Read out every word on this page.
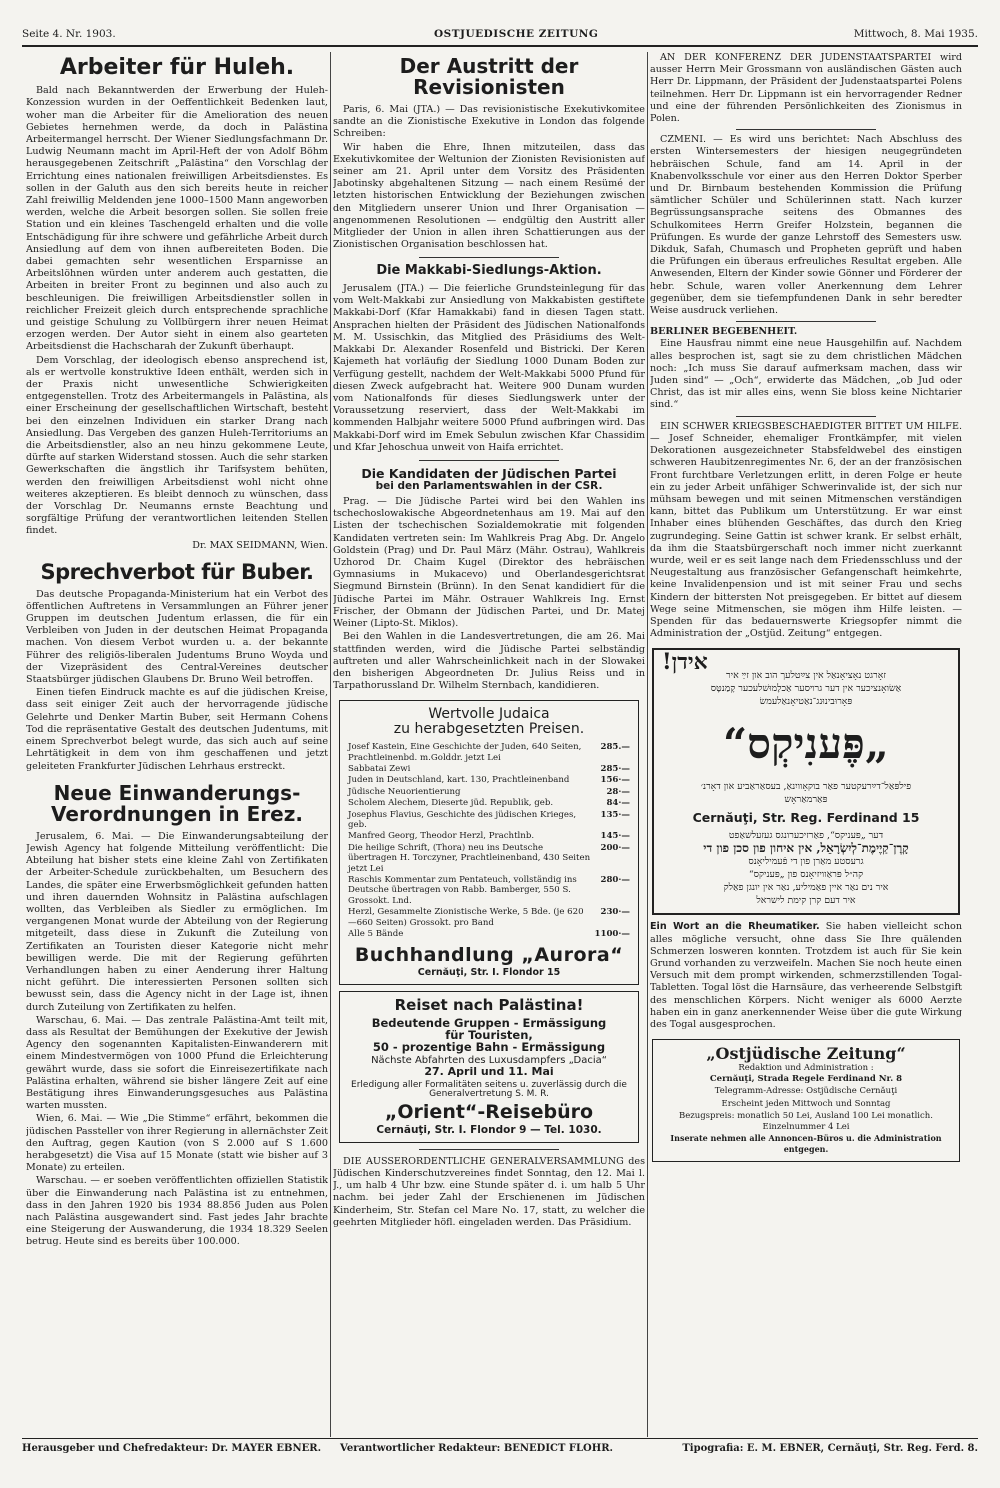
Seite 4. Nr. 1903.	OSTJUEDISCHE ZEITUNG	Mittwoch, 8. Mai 1935.
Arbeiter für Huleh.

Bald nach Bekanntwerden der Erwerbung der Huleh-Konzession wurden in der Oeffentlichkeit Bedenken laut, woher man die Arbeiter für die Amelioration des neuen Gebietes hernehmen werde, da doch in Palästina Arbeitermangel herrscht. Der Wiener Siedlungsfachmann Dr. Ludwig Neumann macht im April-Heft der von Adolf Böhm herausgegebenen Zeitschrift „Palästina“ den Vorschlag der Errichtung eines nationalen freiwilligen Arbeitsdienstes. Es sollen in der Galuth aus den sich bereits heute in reicher Zahl freiwillig Meldenden jene 1000–1500 Mann angeworben werden, welche die Arbeit besorgen sollen. Sie sollen freie Station und ein kleines Taschengeld erhalten und die volle Entschädigung für ihre schwere und gefährliche Arbeit durch Ansiedlung auf dem von ihnen aufbereiteten Boden. Die dabei gemachten sehr wesentlichen Ersparnisse an Arbeitslöhnen würden unter anderem auch gestatten, die Arbeiten in breiter Front zu beginnen und also auch zu beschleunigen. Die freiwilligen Arbeitsdienstler sollen in reichlicher Freizeit gleich durch entsprechende sprachliche und geistige Schulung zu Vollbürgern ihrer neuen Heimat erzogen werden. Der Autor sieht in einem also gearteten Arbeitsdienst die Hachscharah der Zukunft überhaupt.

Dem Vorschlag, der ideologisch ebenso ansprechend ist, als er wertvolle konstruktive Ideen enthält, werden sich in der Praxis nicht unwesentliche Schwierigkeiten entgegenstellen. Trotz des Arbeitermangels in Palästina, als einer Erscheinung der gesellschaftlichen Wirtschaft, besteht bei den einzelnen Individuen ein starker Drang nach Ansiedlung. Das Vergeben des ganzen Huleh-Territoriums an die Arbeitsdienstler, also an neu hinzu gekommene Leute, dürfte auf starken Widerstand stossen. Auch die sehr starken Gewerkschaften die ängstlich ihr Tarifsystem behüten, werden den freiwilligen Arbeitsdienst wohl nicht ohne weiteres akzeptieren. Es bleibt dennoch zu wünschen, dass der Vorschlag Dr. Neumanns ernste Beachtung und sorgfältige Prüfung der verantwortlichen leitenden Stellen findet.

Dr. MAX SEIDMANN, Wien.
Sprechverbot für Buber.

Das deutsche Propaganda-Ministerium hat ein Verbot des öffentlichen Auftretens in Versammlungen an Führer jener Gruppen im deutschen Judentum erlassen, die für ein Verbleiben von Juden in der deutschen Heimat Propaganda machen. Von diesem Verbot wurden u. a. der bekannte Führer des religiös-liberalen Judentums Bruno Woyda und der Vizepräsident des Central-Vereines deutscher Staatsbürger jüdischen Glaubens Dr. Bruno Weil betroffen.

Einen tiefen Eindruck machte es auf die jüdischen Kreise, dass seit einiger Zeit auch der hervorragende jüdische Gelehrte und Denker Martin Buber, seit Hermann Cohens Tod die repräsentative Gestalt des deutschen Judentums, mit einem Sprechverbot belegt wurde, das sich auch auf seine Lehrtätigkeit in dem von ihm geschaffenen und jetzt geleiteten Frankfurter Jüdischen Lehrhaus erstreckt.

Neue Einwanderungs-Verordnungen in Erez.

Jerusalem, 6. Mai. — Die Einwanderungsabteilung der Jewish Agency hat folgende Mitteilung veröffentlicht: Die Abteilung hat bisher stets eine kleine Zahl von Zertifikaten der Arbeiter-Schedule zurückbehalten, um Besuchern des Landes, die später eine Erwerbsmöglichkeit gefunden hatten und ihren dauernden Wohnsitz in Palästina aufschlagen wollten, das Verbleiben als Siedler zu ermöglichen. Im vergangenen Monat wurde der Abteilung von der Regierung mitgeteilt, dass diese in Zukunft die Zuteilung von Zertifikaten an Touristen dieser Kategorie nicht mehr bewilligen werde. Die mit der Regierung geführten Verhandlungen haben zu einer Aenderung ihrer Haltung nicht geführt. Die interessierten Personen sollten sich bewusst sein, dass die Agency nicht in der Lage ist, ihnen durch Zuteilung von Zertifikaten zu helfen.

Warschau, 6. Mai. — Das zentrale Palästina-Amt teilt mit, dass als Resultat der Bemühungen der Exekutive der Jewish Agency den sogenannten Kapitalisten-Einwanderern mit einem Mindestvermögen von 1000 Pfund die Erleichterung gewährt wurde, dass sie sofort die Einreisezertifikate nach Palästina erhalten, während sie bisher längere Zeit auf eine Bestätigung ihres Einwanderungsgesuches aus Palästina warten mussten.

Wien, 6. Mai. — Wie „Die Stimme“ erfährt, bekommen die jüdischen Passteller von ihrer Regierung in allernächster Zeit den Auftrag, gegen Kaution (von S 2.000 auf S 1.600 herabgesetzt) die Visa auf 15 Monate (statt wie bisher auf 3 Monate) zu erteilen.

Warschau. — er soeben veröffentlichten offiziellen Statistik über die Einwanderung nach Palästina ist zu entnehmen, dass in den Jahren 1920 bis 1934 88.856 Juden aus Polen nach Palästina ausgewandert sind. Fast jedes Jahr brachte eine Steigerung der Auswanderung, die 1934 18.329 Seelen betrug. Heute sind es bereits über 100.000.

Der Austritt der Revisionisten

Paris, 6. Mai (JTA.) — Das revisionistische Exekutivkomitee sandte an die Zionistische Exekutive in London das folgende Schreiben:

Wir haben die Ehre, Ihnen mitzuteilen, dass das Exekutivkomitee der Weltunion der Zionisten Revisionisten auf seiner am 21. April unter dem Vorsitz des Präsidenten Jabotinsky abgehaltenen Sitzung — nach einem Resümé der letzten historischen Entwicklung der Beziehungen zwischen den Mitgliedern unserer Union und Ihrer Organisation — angenommenen Resolutionen — endgültig den Austritt aller Mitglieder der Union in allen ihren Schattierungen aus der Zionistischen Organisation beschlossen hat.

Die Makkabi-Siedlungs-Aktion.

Jerusalem (JTA.) — Die feierliche Grundsteinlegung für das vom Welt-Makkabi zur Ansiedlung von Makkabisten gestiftete Makkabi-Dorf (Kfar Hamakkabi) fand in diesen Tagen statt. Ansprachen hielten der Präsident des Jüdischen Nationalfonds M. M. Ussischkin, das Mitglied des Präsidiums des Welt-Makkabi Dr. Alexander Rosenfeld und Bistricki. Der Keren Kajemeth hat vorläufig der Siedlung 1000 Dunam Boden zur Verfügung gestellt, nachdem der Welt-Makkabi 5000 Pfund für diesen Zweck aufgebracht hat. Weitere 900 Dunam wurden vom Nationalfonds für dieses Siedlungswerk unter der Voraussetzung reserviert, dass der Welt-Makkabi im kommenden Halbjahr weitere 5000 Pfund aufbringen wird. Das Makkabi-Dorf wird im Emek Sebulun zwischen Kfar Chassidim und Kfar Jehoschua unweit von Haifa errichtet.

Die Kandidaten der Jüdischen Partei
bei den Parlamentswahlen in der CSR.

Prag. — Die Jüdische Partei wird bei den Wahlen ins tschechoslowakische Abgeordnetenhaus am 19. Mai auf den Listen der tschechischen Sozialdemokratie mit folgenden Kandidaten vertreten sein: Im Wahlkreis Prag Abg. Dr. Angelo Goldstein (Prag) und Dr. Paul März (Mähr. Ostrau), Wahlkreis Uzhorod Dr. Chaim Kugel (Direktor des hebräischen Gymnasiums in Mukacevo) und Oberlandesgerichtsrat Siegmund Birnstein (Brünn). In den Senat kandidiert für die Jüdische Partei im Mähr. Ostrauer Wahlkreis Ing. Ernst Frischer, der Obmann der Jüdischen Partei, und Dr. Matej Weiner (Lipto-St. Miklos).

Bei den Wahlen in die Landesvertretungen, die am 26. Mai stattfinden werden, wird die Jüdische Partei selbständig auftreten und aller Wahrscheinlichkeit nach in der Slowakei den bisherigen Abgeordneten Dr. Julius Reiss und in Tarpathorussland Dr. Wilhelm Sternbach, kandidieren.

Wertvolle Judaica
zu herabgesetzten Preisen.
Josef Kastein, Eine Geschichte der Juden, 640 Seiten, Prachtleinenbd. m.Golddr. jetzt Lei	285.—
Sabbatai Zewi	285·—
Juden in Deutschland, kart. 130, Prachtleinenband	156·—
Jüdische Neuorientierung	28·—
Scholem Alechem, Dieserte jüd. Republik, geb.	84·—
Josephus Flavius, Geschichte des jüdischen Krieges, geb.	135·—
Manfred Georg, Theodor Herzl, Prachtlnb.	145·—
Die heilige Schrift, (Thora) neu ins Deutsche übertragen H. Torczyner, Prachtleinenband, 430 Seiten jetzt Lei	200·—
Raschis Kommentar zum Pentateuch, vollständig ins Deutsche übertragen von Rabb. Bamberger, 550 S. Grossokt. Lnd.	280·—
Herzl, Gesammelte Zionistische Werke, 5 Bde. (je 620—660 Seiten) Grossokt. pro Band	230·—
Alle 5 Bände	1100·—
Buchhandlung „Aurora“
Cernăuţi, Str. I. Flondor 15
Reiset nach Palästina!
Bedeutende Gruppen - Ermässigung
für Touristen,
50 - prozentige Bahn - Ermässigung
Nächste Abfahrten des Luxusdampfers „Dacia“
27. April und 11. Mai
Erledigung aller Formalitäten seitens u. zuverlässig durch die Generalvertretung S. M. R.
„Orient“-Reisebüro
Cernăuţi, Str. I. Flondor 9 — Tel. 1030.

DIE AUSSERORDENTLICHE GENERALVERSAMMLUNG des Jüdischen Kinderschutzvereines findet Sonntag, den 12. Mai l. J., um halb 4 Uhr bzw. eine Stunde später d. i. um halb 5 Uhr nachm. bei jeder Zahl der Erschienenen im Jüdischen Kinderheim, Str. Stefan cel Mare No. 17, statt, zu welcher die geehrten Mitglieder höfl. eingeladen werden. Das Präsidium.

AN DER KONFERENZ DER JUDENSTAATSPARTEI wird ausser Herrn Meir Grossmann von ausländischen Gästen auch Herr Dr. Lippmann, der Präsident der Judenstaatspartei Polens teilnehmen. Herr Dr. Lippmann ist ein hervorragender Redner und eine der führenden Persönlichkeiten des Zionismus in Polen.

CZMENI. — Es wird uns berichtet: Nach Abschluss des ersten Wintersemesters der hiesigen neugegründeten hebräischen Schule, fand am 14. April in der Knabenvolksschule vor einer aus den Herren Doktor Sperber und Dr. Birnbaum bestehenden Kommission die Prüfung sämtlicher Schüler und Schülerinnen statt. Nach kurzer Begrüssungsansprache seitens des Obmannes des Schulkomitees Herrn Greifer Holzstein, begannen die Prüfungen. Es wurde der ganze Lehrstoff des Semesters usw. Dikduk, Safah, Chumasch und Propheten geprüft und haben die Prüfungen ein überaus erfreuliches Resultat ergeben. Alle Anwesenden, Eltern der Kinder sowie Gönner und Förderer der hebr. Schule, waren voller Anerkennung dem Lehrer gegenüber, dem sie tiefempfundenen Dank in sehr beredter Weise ausdruck verliehen.

BERLINER BEGEBENHEIT.

Eine Hausfrau nimmt eine neue Hausgehilfin auf. Nachdem alles besprochen ist, sagt sie zu dem christlichen Mädchen noch: „Ich muss Sie darauf aufmerksam machen, dass wir Juden sind“ — „Och“, erwiderte das Mädchen, „ob Jud oder Christ, das ist mir alles eins, wenn Sie bloss keine Nichtarier sind.“

EIN SCHWER KRIEGSBESCHAEDIGTER BITTET UM HILFE. — Josef Schneider, ehemaliger Frontkämpfer, mit vielen Dekorationen ausgezeichneter Stabsfeldwebel des einstigen schweren Haubitzenregimentes Nr. 6, der an der französischen Front furchtbare Verletzungen erlitt, in deren Folge er heute ein zu jeder Arbeit unfähiger Schwerinvalide ist, der sich nur mühsam bewegen und mit seinen Mitmenschen verständigen kann, bittet das Publikum um Unterstützung. Er war einst Inhaber eines blühenden Geschäftes, das durch den Krieg zugrundeging. Seine Gattin ist schwer krank. Er selbst erhält, da ihm die Staatsbürgerschaft noch immer nicht zuerkannt wurde, weil er es seit lange nach dem Friedensschluss und der Neugestaltung aus französischer Gefangenschaft heimkehrte, keine Invalidenpension und ist mit seiner Frau und sechs Kindern der bittersten Not preisgegeben. Er bittet auf diesem Wege seine Mitmenschen, sie mögen ihm Hilfe leisten. — Spenden für das bedauernswerte Kriegsopfer nimmt die Administration der „Ostjüd. Zeitung“ entgegen.

אידן!
זאָרגט נאָציאָנאַל אין צײַטלעך הוב און זײַ איר
אַשׂואָנציכער אין דער גרױסער אַכלָמוּשׁלעכער קָמַנטָּס
פּאָרוּבינוּנג־נאַטיאָנאַלעמשׂ
„פֶּענִיקְס“
פילפּאַל־דײַרעקטער פאַר בוקאָוויִנאַ, בעסאַראַביע און דאָרנ׳
פּאַרמאַראָש
Cernăuţi, Str. Reg. Ferdinand 15
דער „פּעניקס“, פאַרזיכערונגס געזעלשאַפט
קָרֶן־קַיֶימֶת־לְיִשְׂרָאֵל, אין איחון פון סכן פון די
גרעסטע מאַרן פון די פֿעמיליאָנס
קה״ל פּראַוויזיאָנס פון „פּעניקס“
איר נים נאַר איין פאַמיליע, נאַר אין יונגן פאַלק
איר דעם קרן קימת לישראל

Ein Wort an die Rheumatiker. Sie haben vielleicht schon alles mögliche versucht, ohne dass Sie Ihre quälenden Schmerzen losweren konnten. Trotzdem ist auch für Sie kein Grund vorhanden zu verzweifeln. Machen Sie noch heute einen Versuch mit dem prompt wirkenden, schmerzstillenden Togal-Tabletten. Togal löst die Harnsäure, das verheerende Selbstgift des menschlichen Körpers. Nicht weniger als 6000 Aerzte haben ein in ganz anerkennender Weise über die gute Wirkung des Togal ausgesprochen.

„Ostjüdische Zeitung“
Redaktion und Administration :
Cernăuţi, Strada Regele Ferdinand Nr. 8
Telegramm-Adresse: Ostjüdische Cernăuţi
Erscheint jeden Mittwoch und Sonntag
Bezugspreis: monatlich 50 Lei, Ausland 100 Lei monatlich. Einzelnummer 4 Lei
Inserate nehmen alle Annoncen-Büros u. die Administration entgegen.
Herausgeber und Chefredakteur: Dr. MAYER EBNER. Verantwortlicher Redakteur: BENEDICT FLOHR.	Tipografia: E. M. EBNER, Cernăuţi, Str. Reg. Ferd. 8.
